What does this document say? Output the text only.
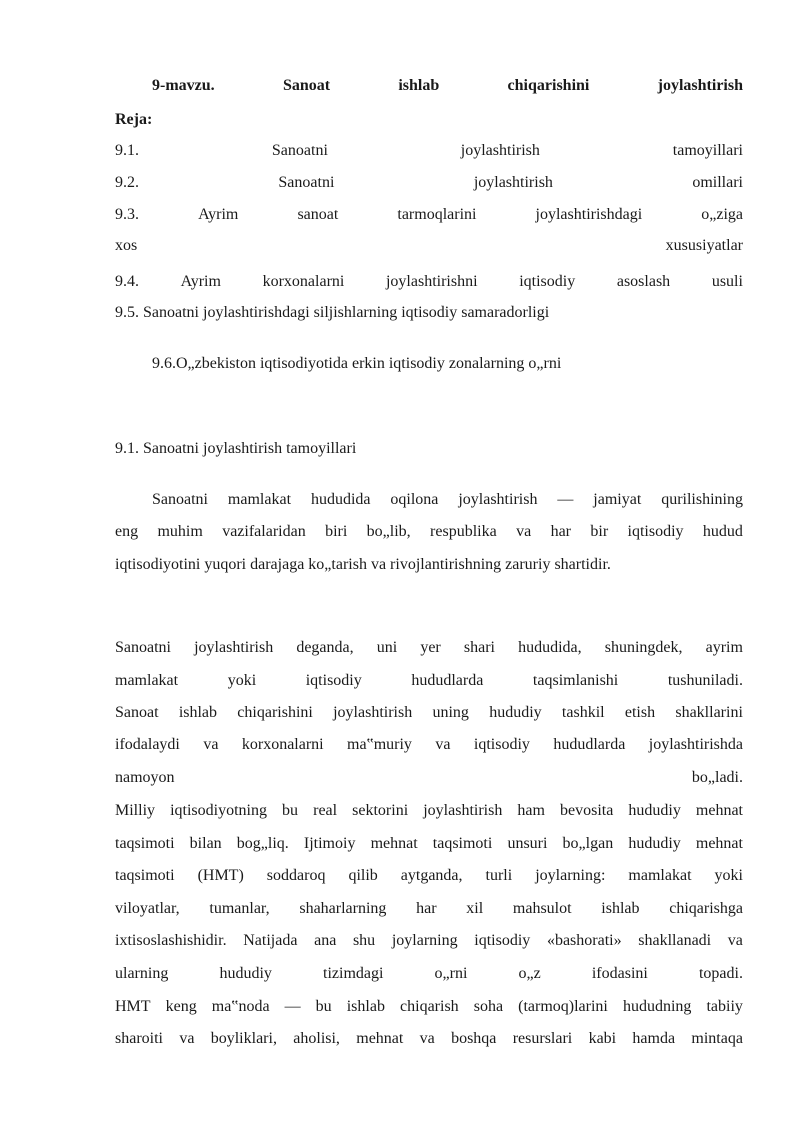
9-mavzu.	Sanoat	ishlab	chiqarishini	joylashtirish
Reja:
9.1.	Sanoatni	joylashtirish	tamoyillari
9.2.	Sanoatni	joylashtirish	omillari
9.3.	Ayrim	sanoat	tarmoqlarini	joylashtirishdagi	o„ziga
xos	xususiyatlar
9.4.	Ayrim	korxonalarni	joylashtirishni	iqtisodiy	asoslash	usuli
9.5. Sanoatni joylashtirishdagi siljishlarning iqtisodiy samaradorligi
9.6.O„zbekiston iqtisodiyotida erkin iqtisodiy zonalarning o„rni
9.1. Sanoatni joylashtirish tamoyillari
Sanoatni mamlakat hududida oqilona joylashtirish — jamiyat qurilishining
eng muhim vazifalaridan biri bo„lib, respublika va har bir iqtisodiy hudud
iqtisodiyotini yuqori darajaga ko„tarish va rivojlantirishning zaruriy shartidir.
Sanoatni joylashtirish deganda, uni yer shari hududida, shuningdek, ayrim
mamlakat	yoki	iqtisodiy	hududlarda	taqsimlanishi	tushuniladi.
Sanoat ishlab chiqarishini joylashtirish uning hududiy tashkil etish shakllarini
ifodalaydi va korxonalarni ma‟muriy va iqtisodiy hududlarda joylashtirishda
namoyon	bo„ladi.
Milliy iqtisodiyotning bu real sektorini joylashtirish ham bevosita hududiy mehnat
taqsimoti bilan bog„liq. Ijtimoiy mehnat taqsimoti unsuri bo„lgan hududiy mehnat
taqsimoti (HMT) soddaroq qilib aytganda, turli joylarning: mamlakat yoki
viloyatlar, tumanlar, shaharlarning har xil mahsulot ishlab chiqarishga
ixtisoslashishidir. Natijada ana shu joylarning iqtisodiy «bashorati» shakllanadi va
ularning	hududiy	tizimdagi	o„rni	o„z	ifodasini	topadi.
HMT keng ma‟noda — bu ishlab chiqarish soha (tarmoq)larini hududning tabiiy
sharoiti va boyliklari, aholisi, mehnat va boshqa resurslari kabi hamda mintaqa
